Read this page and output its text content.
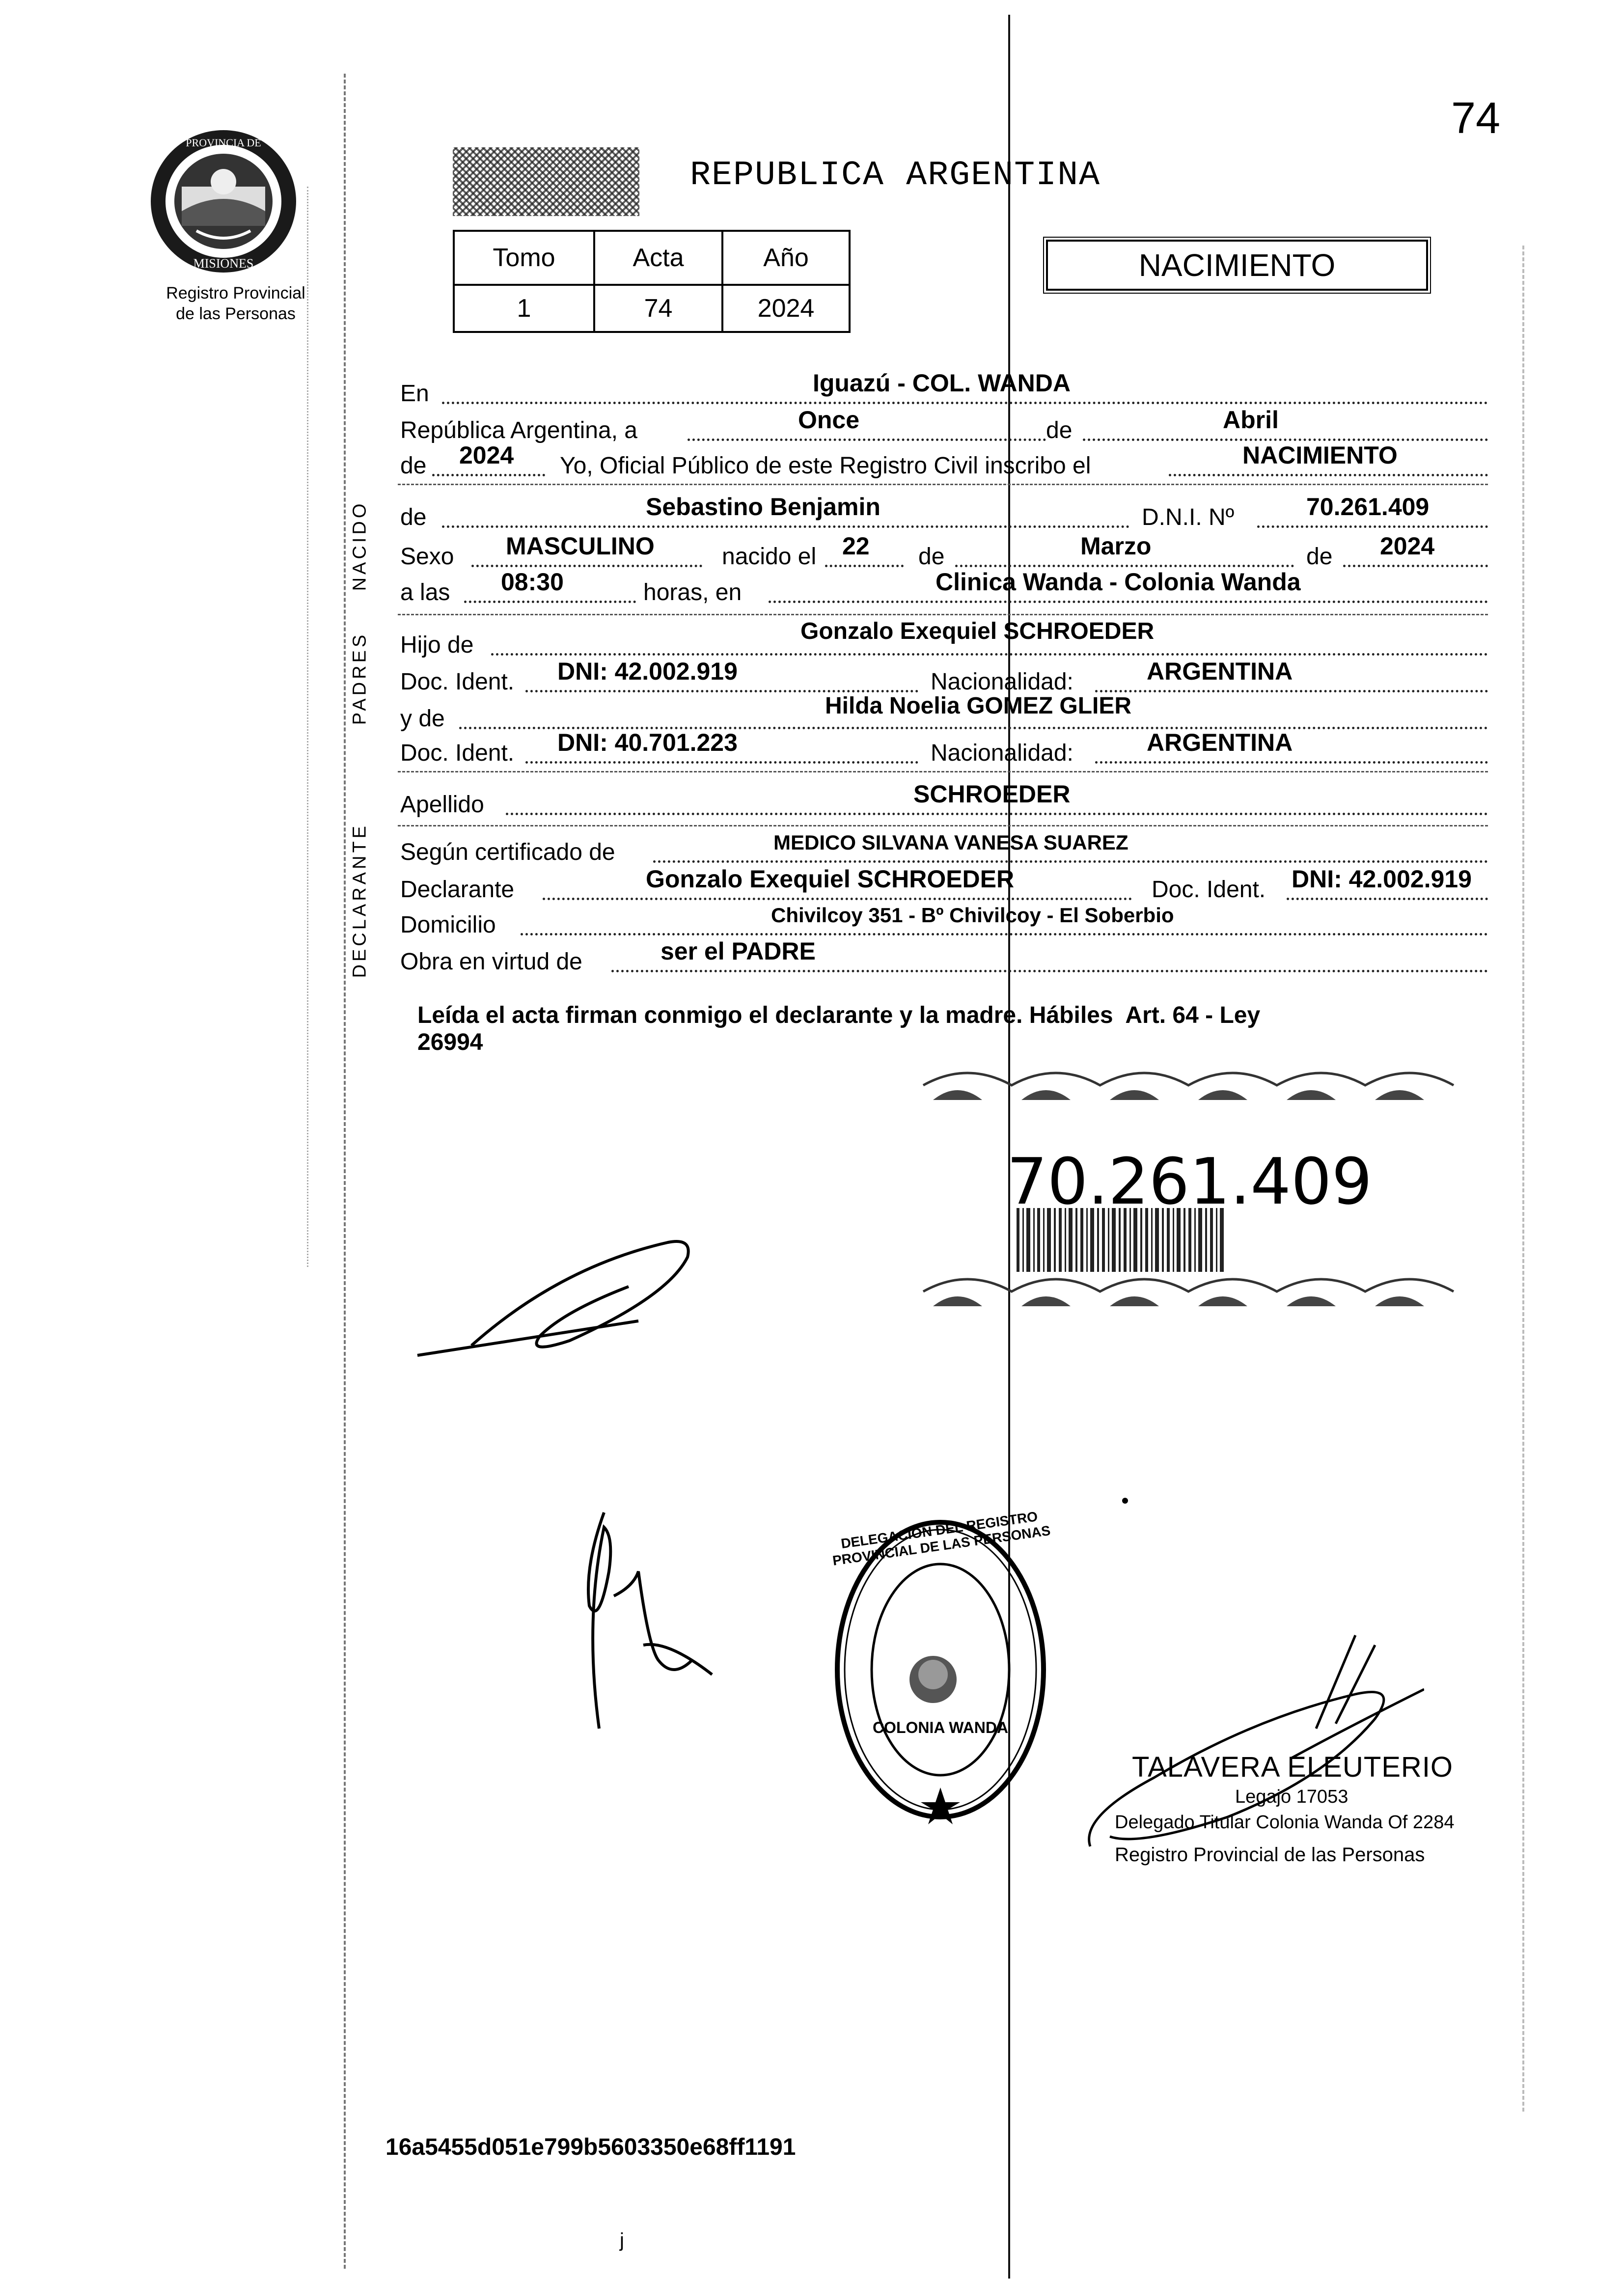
74
PROVINCIA DE
MISIONES
Registro Provincial
de las Personas
REPUBLICA ARGENTINA
Tomo	Acta	Año
1	74	2024
NACIMIENTO
NACIDO
PADRES
DECLARANTE
En	Iguazú - COL. WANDA
República Argentina, a	Once	de	Abril
de 2024 Yo, Oficial Público de este Registro Civil inscribo el	NACIMIENTO
de	Sebastino Benjamin	D.N.I. Nº	70.261.409
Sexo MASCULINO	nacido el 22 de	Marzo	de 2024
a las 08:30	horas, en	Clinica Wanda - Colonia Wanda
Hijo de
Gonzalo Exequiel SCHROEDER
Doc. Ident. DNI: 42.002.919	Nacionalidad:	ARGENTINA
y de	Hilda Noelia GOMEZ GLIER
Doc. Ident. DNI: 40.701.223	Nacionalidad:	ARGENTINA
Apellido	SCHROEDER
Según certificado de	MEDICO SILVANA VANESA SUAREZ
Declarante	Gonzalo Exequiel SCHROEDER	Doc. Ident. DNI: 42.002.919
Domicilio	Chivilcoy 351 - Bº Chivilcoy - El Soberbio
Obra en virtud de	ser el PADRE
Leída el acta firman conmigo el declarante y la madre. Hábiles  Art. 64 - Ley
26994
70.261.409
DELEGACION DEL REGISTRO PROVINCIAL DE LAS PERSONAS
COLONIA WANDA
TALAVERA ELEUTERIO
Legajo 17053
Delegado Titular Colonia Wanda Of 2284
Registro Provincial de las Personas
16a5455d051e799b5603350e68ff1191
j
